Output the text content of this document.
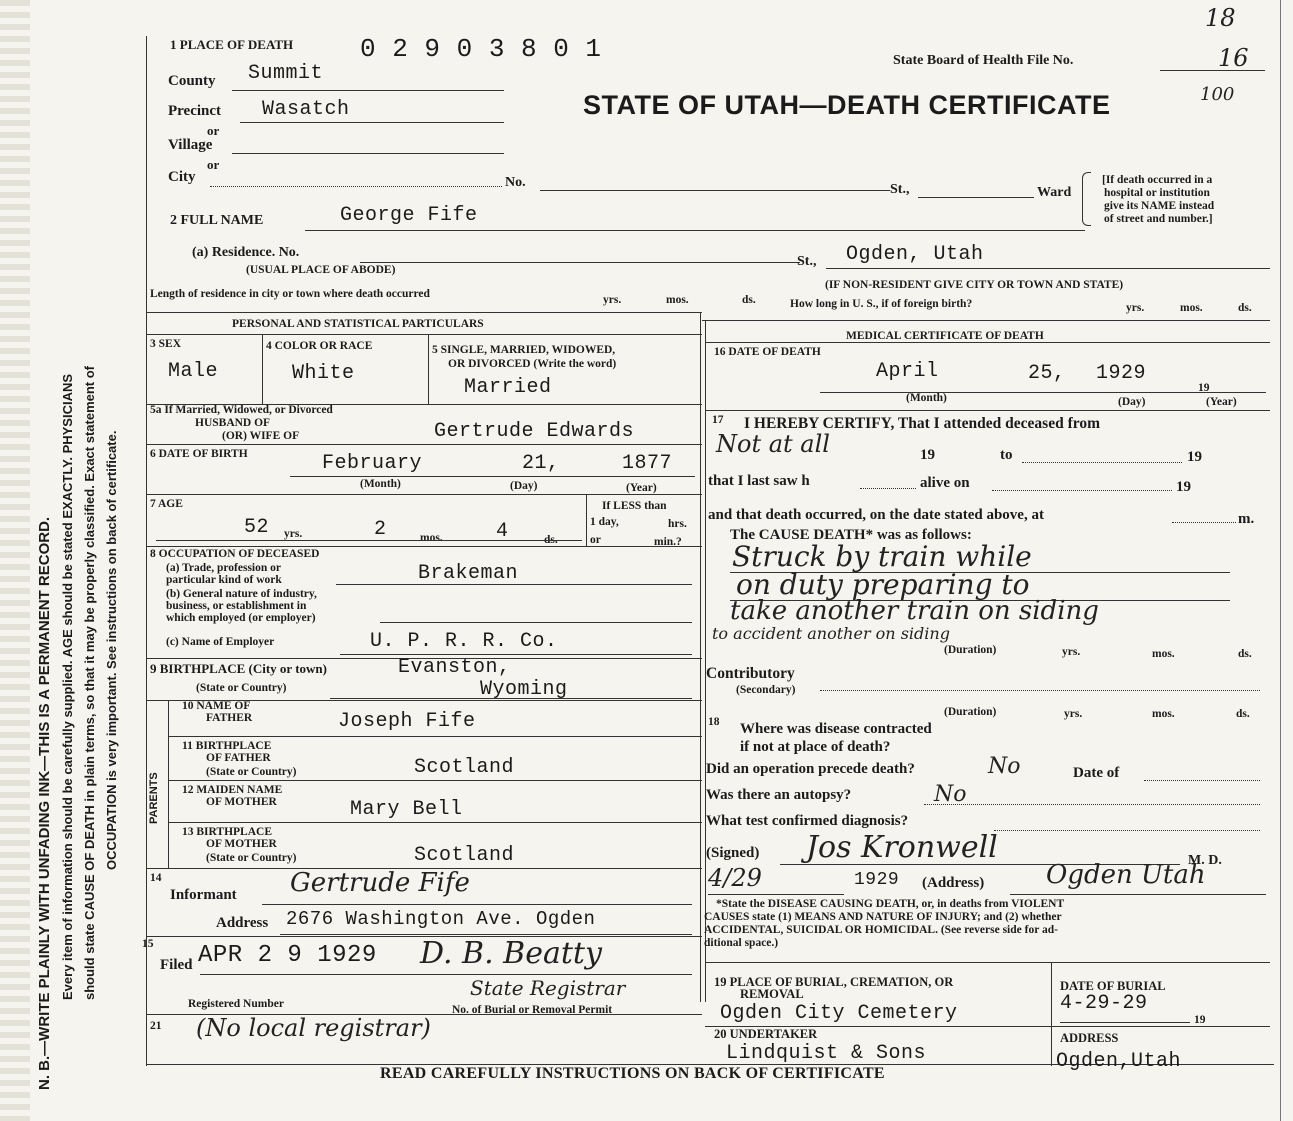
N. B.—WRITE PLAINLY WITH UNFADING INK—THIS IS A PERMANENT RECORD. Every item of information should be carefully supplied. AGE should be stated EXACTLY. PHYSICIANS should state CAUSE OF DEATH in plain terms, so that it may be properly classified. Exact statement of OCCUPATION is very important. See instructions on back of certificate.
0 2 9 0 3 8 0 1
1 PLACE OF DEATH
State Board of Health File No.	16
18
100
STATE OF UTAH—DEATH CERTIFICATE
County Summit
Precinct Wasatch
or
Village
or
City	No.	St.,	Ward
[If death occurred in a
hospital or institution
give its NAME instead
of street and number.]
2 FULL NAME	George Fife
(a) Residence. No.
(USUAL PLACE OF ABODE)
St., Ogden, Utah
(IF NON-RESIDENT GIVE CITY OR TOWN AND STATE)
Length of residence in city or town where death occurred	yrs.	mos.	ds.	How long in U. S., if of foreign birth?	yrs.	mos.	ds.
PERSONAL AND STATISTICAL PARTICULARS
3 SEX
Male
4 COLOR OR RACE
White
5 SINGLE, MARRIED, WIDOWED,
OR DIVORCED (Write the word)
Married
5a If Married, Widowed, or Divorced
HUSBAND OF
(OR) WIFE OF	Gertrude Edwards
6 DATE OF BIRTH	February	21,	1877
(Month)	(Day)	(Year)
7 AGE
52 yrs.	2	mos.	4	ds.
If LESS than
1 day,	hrs.
or	min.?
8 OCCUPATION OF DECEASED
(a) Trade, profession or
particular kind of work	Brakeman
(b) General nature of industry,
business, or establishment in
which employed (or employer)
(c) Name of Employer	U. P. R. R. Co.
9 BIRTHPLACE (City or town)	Evanston,
(State or Country)	Wyoming
PARENTS
10 NAME OF
FATHER	Joseph Fife
11 BIRTHPLACE
OF FATHER
(State or Country)	Scotland
12 MAIDEN NAME
OF MOTHER	Mary Bell
13 BIRTHPLACE
OF MOTHER
(State or Country)	Scotland
14
Informant Gertrude Fife
Address 2676 Washington Ave. Ogden
15
Filed APR 2 9 1929 D. B. Beatty
State Registrar
Registered Number	No. of Burial or Removal Permit
21 (No local registrar)
MEDICAL CERTIFICATE OF DEATH
16 DATE OF DEATH
April	25, 1929
19
(Month)	(Day)	(Year)
17 I HEREBY CERTIFY, That I attended deceased from
Not at all	19	to	19
that I last saw h	alive on	19
and that death occurred, on the date stated above, at	m.
The CAUSE DEATH* was as follows:
Struck by train while
on duty preparing to
take another train on siding
to accident another on siding
(Duration)	yrs.	mos.	ds.
Contributory
(Secondary)
(Duration)	yrs.	mos.	ds.
18 Where was disease contracted
if not at place of death?
Did an operation precede death?	No	Date of
Was there an autopsy?	No
What test confirmed diagnosis?
(Signed) Jos Kronwell	M. D.
4/29	1929 (Address) Ogden Utah
*State the DISEASE CAUSING DEATH, or, in deaths from VIOLENT
CAUSES state (1) MEANS AND NATURE OF INJURY; and (2) whether
ACCIDENTAL, SUICIDAL OR HOMICIDAL. (See reverse side for ad-
ditional space.)
19 PLACE OF BURIAL, CREMATION, OR
REMOVAL
Ogden City Cemetery
DATE OF BURIAL
4-29-29
19
20 UNDERTAKER
Lindquist & Sons
ADDRESS
Ogden,Utah
READ CAREFULLY INSTRUCTIONS ON BACK OF CERTIFICATE
